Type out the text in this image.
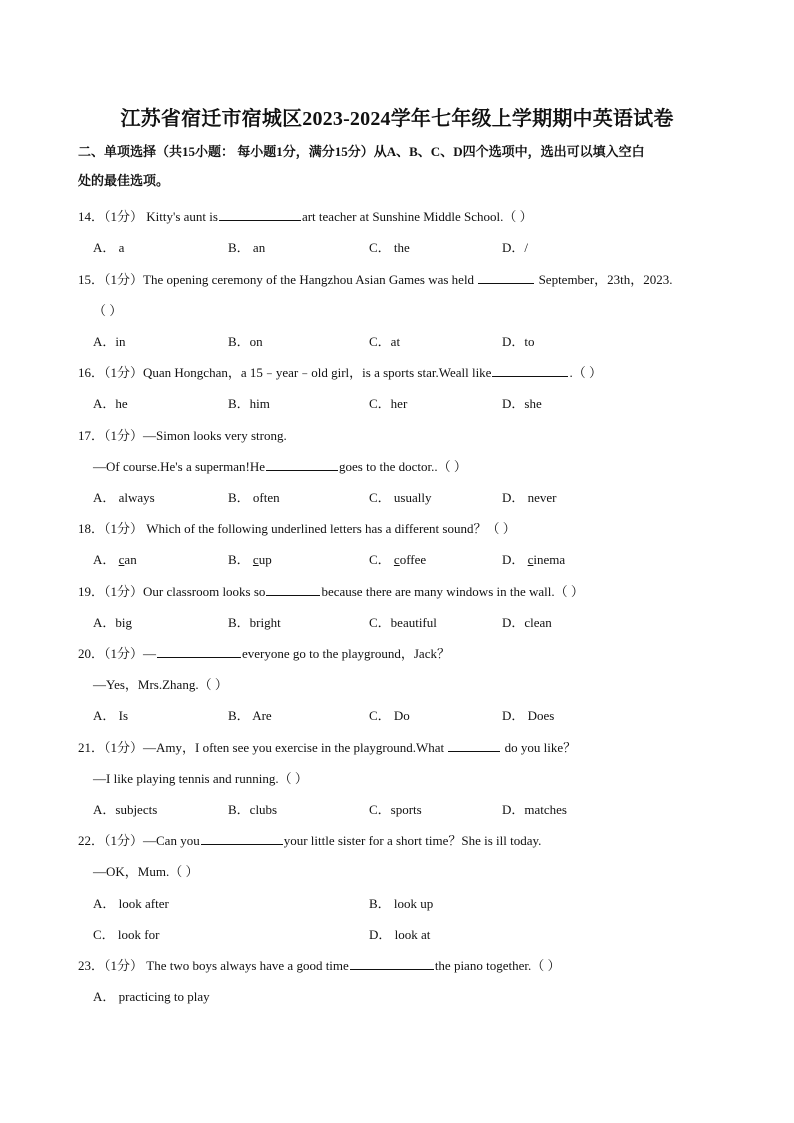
江苏省宿迁市宿城区2023-2024学年七年级上学期期中英语试卷
二、单项选择（共15小题： 每小题1分，满分15分）从A、B、C、D四个选项中，选出可以填入空白
处的最佳选项。
14．（1分） Kitty's aunt is	art teacher at Sunshine Middle School.（ ）
A． a	B． an	C． the	D．/
15．（1分）The opening ceremony of the Hangzhou Asian Games was held	September，23th，2023.
（ ）
A．in	B．on	C．at	D．to
16．（1分）Quan Hongchan，a 15﹣year﹣old girl，is a sports star.Weall like	.（ ）
A．he	B．him	C．her	D．she
17．（1分）—Simon looks very strong.
—Of course.He's a superman!He	goes to the doctor..（ ）
A． always	B． often	C． usually	D． never
18．（1分） Which of the following underlined letters has a different sound？（ ）
A． can	B． cup	C． coffee	D． cinema
19．（1分）Our classroom looks so	because there are many windows in the wall.（ ）
A．big	B．bright	C．beautiful	D．clean
20．（1分）—	everyone go to the playground，Jack？
—Yes，Mrs.Zhang.（ ）
A． Is	B． Are	C． Do	D． Does
21．（1分）—Amy，I often see you exercise in the playground.What	do you like？
—I like playing tennis and running.（ ）
A．subjects	B．clubs	C．sports	D．matches
22．（1分）—Can you	your little sister for a short time？She is ill today.
—OK，Mum.（ ）
A． look after	B． look up
C． look for	D． look at
23．（1分） The two boys always have a good time	the piano together.（ ）
A． practicing to play
